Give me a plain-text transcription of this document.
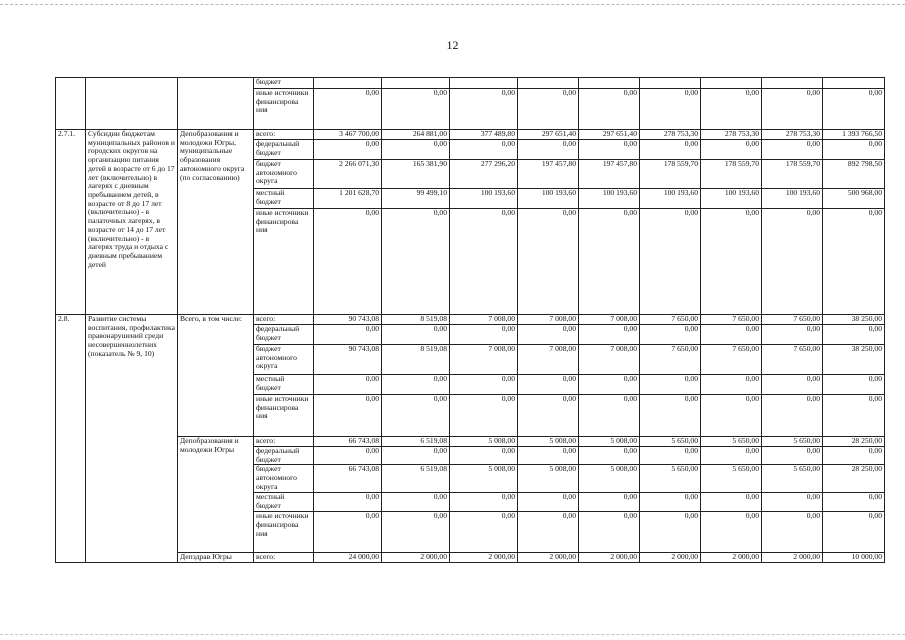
12
			бюджет									
			иные источники финансирова ния	0,00	0,00	0,00	0,00	0,00	0,00	0,00	0,00	0,00
2.7.1.	Субсидии бюджетам муниципальных районов и городских округов на организацию питания детей в возрасте от 6 до 17 лет (включительно) в лагерях с дневным пребыванием детей, в возрасте от 8 до 17 лет (включительно) - в палаточных лагерях, в возрасте от 14 до 17 лет (включительно) - в лагерях труда и отдыха с дневным пребыванием детей	Депобразования и молодежи Югры, муниципальные образования автономного округа (по согласованию)	всего:	3 467 700,00	264 881,00	377 489,80	297 651,40	297 651,40	278 753,30	278 753,30	278 753,30	1 393 766,50
			федеральный бюджет	0,00	0,00	0,00	0,00	0,00	0,00	0,00	0,00	0,00
			бюджет автономного округа	2 266 071,30	165 381,90	277 296,20	197 457,80	197 457,80	178 559,70	178 559,70	178 559,70	892 798,50
			местный бюджет	1 201 628,70	99 499,10	100 193,60	100 193,60	100 193,60	100 193,60	100 193,60	100 193,60	500 968,00
			иные источники финансирова ния	0,00	0,00	0,00	0,00	0,00	0,00	0,00	0,00	0,00
2.8.	Развитие системы воспитания, профилактика правонарушений среди несовершеннолетних (показатель № 9, 10)	Всего, в том числе:	всего:	90 743,08	8 519,08	7 008,00	7 008,00	7 008,00	7 650,00	7 650,00	7 650,00	38 250,00
			федеральный бюджет	0,00	0,00	0,00	0,00	0,00	0,00	0,00	0,00	0,00
			бюджет автономного округа	90 743,08	8 519,08	7 008,00	7 008,00	7 008,00	7 650,00	7 650,00	7 650,00	38 250,00
			местный бюджет	0,00	0,00	0,00	0,00	0,00	0,00	0,00	0,00	0,00
			иные источники финансирова ния	0,00	0,00	0,00	0,00	0,00	0,00	0,00	0,00	0,00
		Депобразования и молодежи Югры	всего:	66 743,08	6 519,08	5 008,00	5 008,00	5 008,00	5 650,00	5 650,00	5 650,00	28 250,00
			федеральный бюджет	0,00	0,00	0,00	0,00	0,00	0,00	0,00	0,00	0,00
			бюджет автономного округа	66 743,08	6 519,08	5 008,00	5 008,00	5 008,00	5 650,00	5 650,00	5 650,00	28 250,00
			местный бюджет	0,00	0,00	0,00	0,00	0,00	0,00	0,00	0,00	0,00
			иные источники финансирова ния	0,00	0,00	0,00	0,00	0,00	0,00	0,00	0,00	0,00
		Депздрав Югры	всего:	24 000,00	2 000,00	2 000,00	2 000,00	2 000,00	2 000,00	2 000,00	2 000,00	10 000,00
